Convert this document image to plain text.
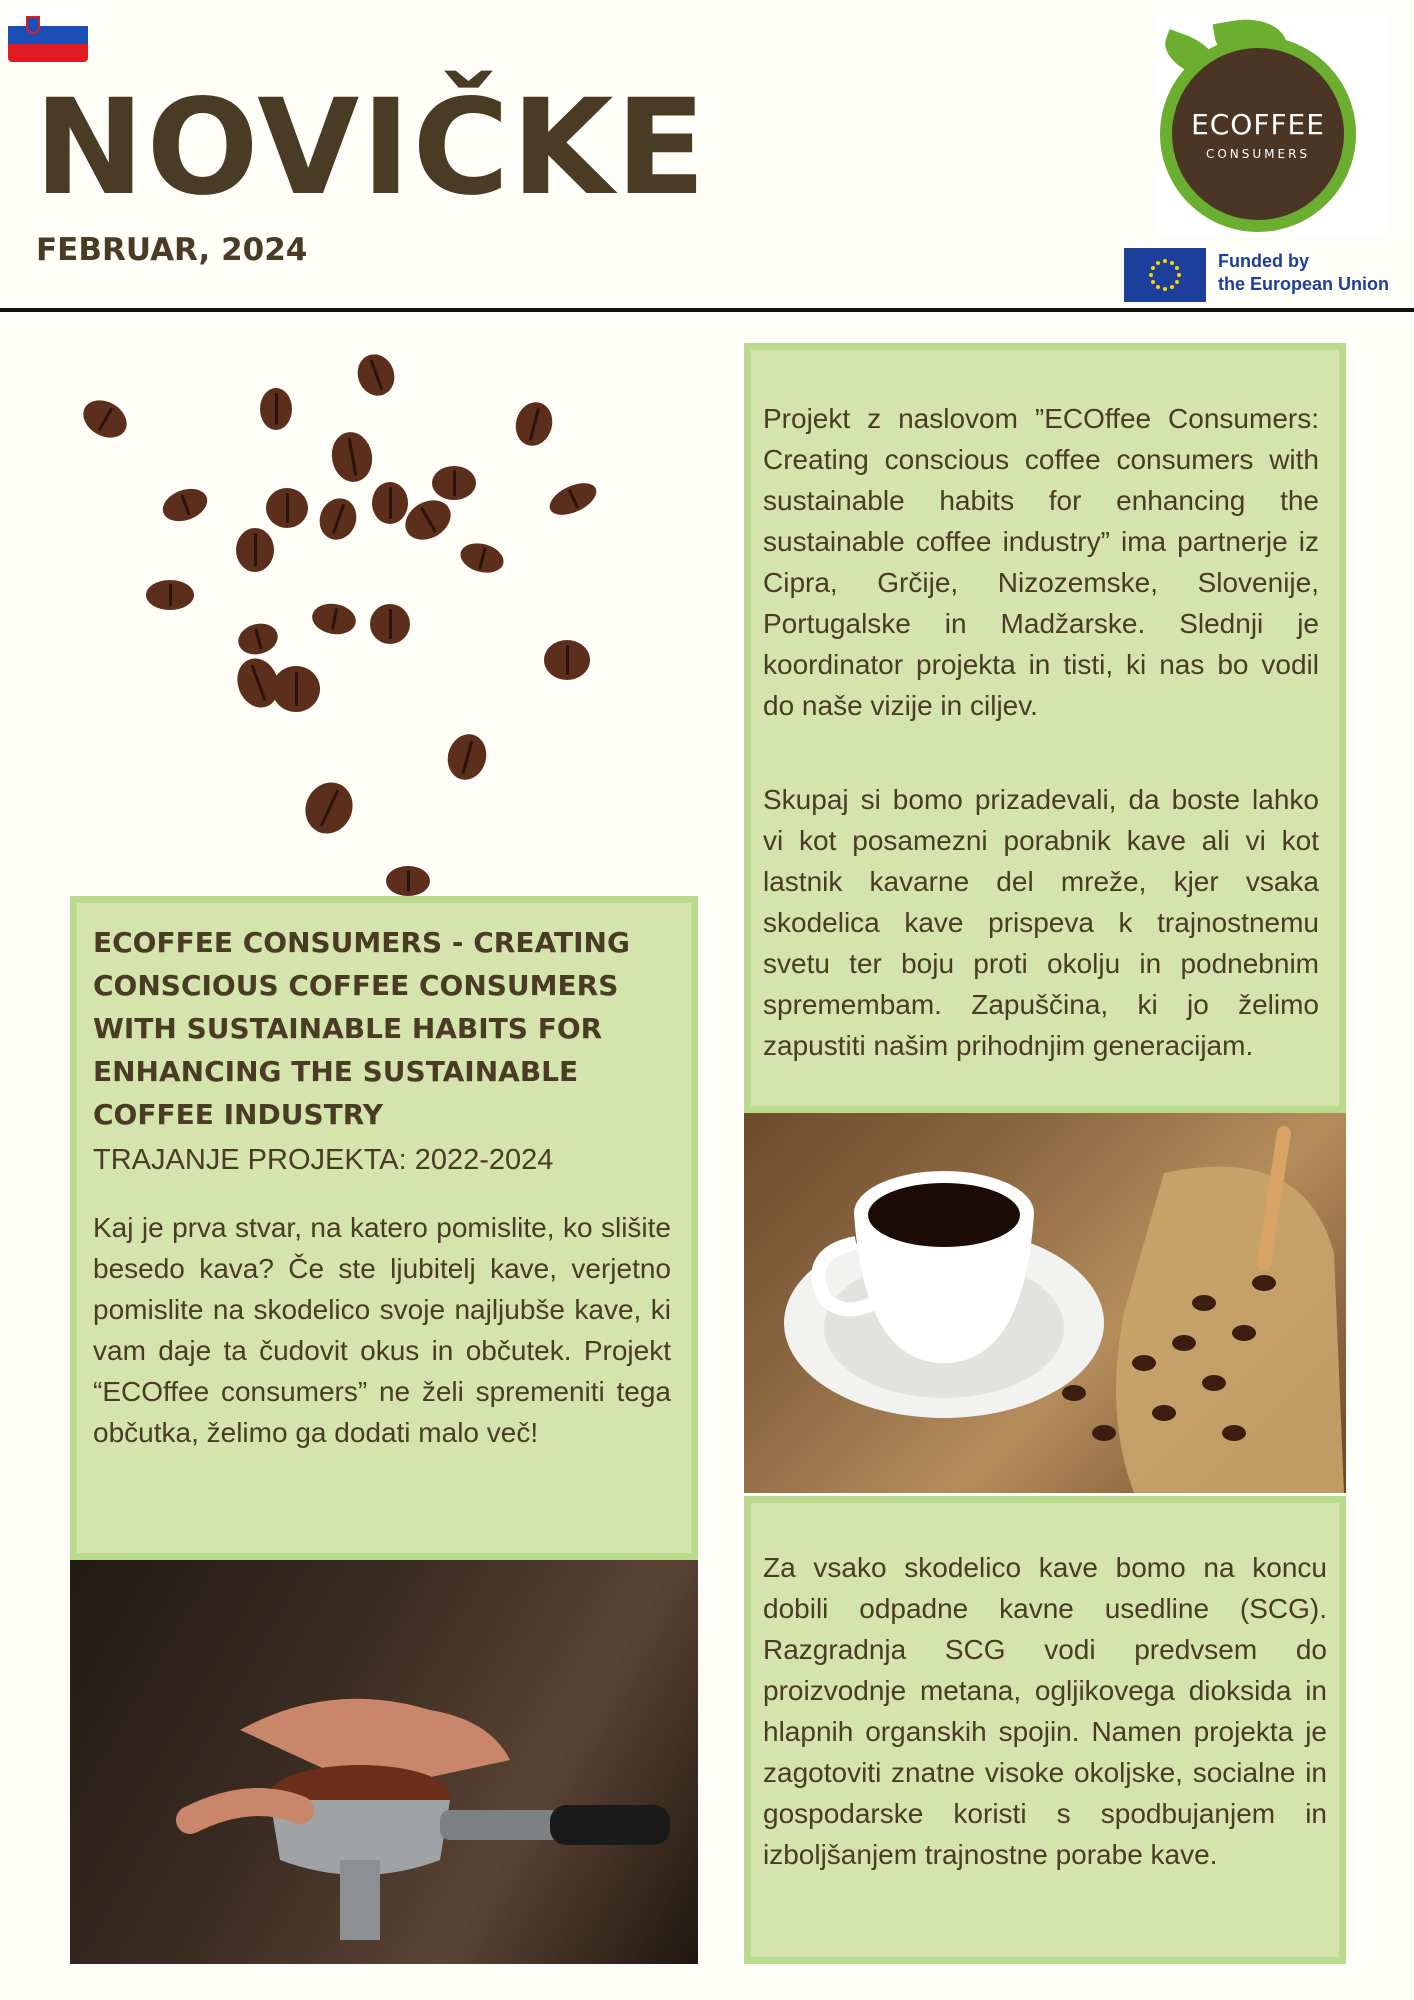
NOVIČKE
FEBRUAR, 2024
ECOFFEE
CONSUMERS
Funded by
the European Union
ECOFFEE CONSUMERS - CREATING CONSCIOUS COFFEE CONSUMERS WITH SUSTAINABLE HABITS FOR ENHANCING THE SUSTAINABLE COFFEE INDUSTRY
TRAJANJE PROJEKTA: 2022-2024

Kaj je prva stvar, na katero pomislite, ko slišite besedo kava? Če ste ljubitelj kave, verjetno pomislite na skodelico svoje najljubše kave, ki vam daje ta čudovit okus in občutek. Projekt “ECOffee consumers” ne želi spremeniti tega občutka, želimo ga dodati malo več!

Projekt z naslovom ”ECOffee Consumers: Creating conscious coffee consumers with sustainable habits for enhancing the sustainable coffee industry” ima partnerje iz Cipra, Grčije, Nizozemske, Slovenije, Portugalske in Madžarske. Slednji je koordinator projekta in tisti, ki nas bo vodil do naše vizije in ciljev.

Skupaj si bomo prizadevali, da boste lahko vi kot posamezni porabnik kave ali vi kot lastnik kavarne del mreže, kjer vsaka skodelica kave prispeva k trajnostnemu svetu ter boju proti okolju in podnebnim spremembam. Zapuščina, ki jo želimo zapustiti našim prihodnjim generacijam.

Za vsako skodelico kave bomo na koncu dobili odpadne kavne usedline (SCG). Razgradnja SCG vodi predvsem do proizvodnje metana, ogljikovega dioksida in hlapnih organskih spojin. Namen projekta je zagotoviti znatne visoke okoljske, socialne in gospodarske koristi s spodbujanjem in izboljšanjem trajnostne porabe kave.
